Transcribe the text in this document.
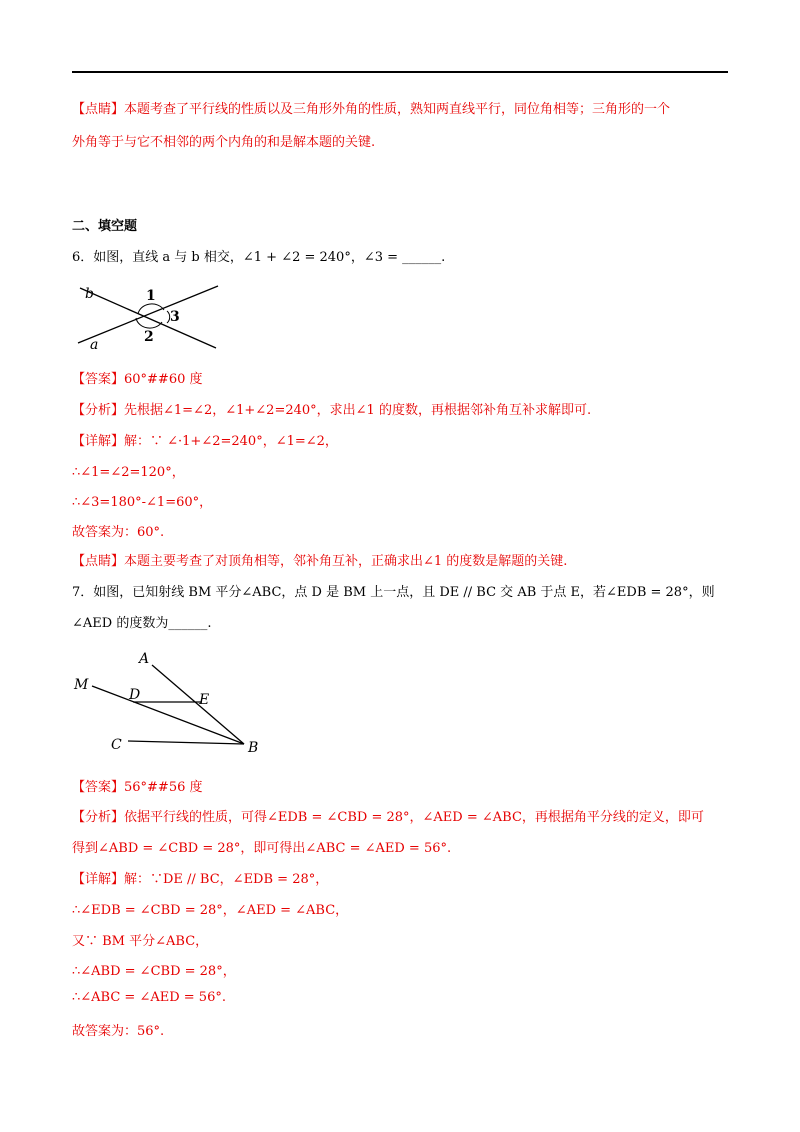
【点睛】本题考查了平行线的性质以及三角形外角的性质，熟知两直线平行，同位角相等；三角形的一个
外角等于与它不相邻的两个内角的和是解本题的关键.
二、填空题
6．如图，直线 a 与 b 相交，∠1 + ∠2 = 240°，∠3 = ______.
b
a
1
2
3
【答案】60°##60 度
【分析】先根据∠1=∠2，∠1+∠2=240°，求出∠1 的度数，再根据邻补角互补求解即可.
【详解】解：∵ ∠·1+∠2=240°，∠1=∠2，
∴∠1=∠2=120°，
∴∠3=180°-∠1=60°，
故答案为：60°.
【点睛】本题主要考查了对顶角相等，邻补角互补，正确求出∠1 的度数是解题的关键.
7．如图，已知射线 BM 平分∠ABC，点 D 是 BM 上一点，且 DE // BC 交 AB 于点 E，若∠EDB = 28°，则
∠AED 的度数为______.
A
M
D	E
C	B
【答案】56°##56 度
【分析】依据平行线的性质，可得∠EDB = ∠CBD = 28°，∠AED = ∠ABC，再根据角平分线的定义，即可
得到∠ABD = ∠CBD = 28°，即可得出∠ABC = ∠AED = 56°.
【详解】解：∵DE // BC，∠EDB = 28°，
∴∠EDB = ∠CBD = 28°，∠AED = ∠ABC，
又∵ BM 平分∠ABC，
∴∠ABD = ∠CBD = 28°，
∴∠ABC = ∠AED = 56°.
故答案为：56°.
